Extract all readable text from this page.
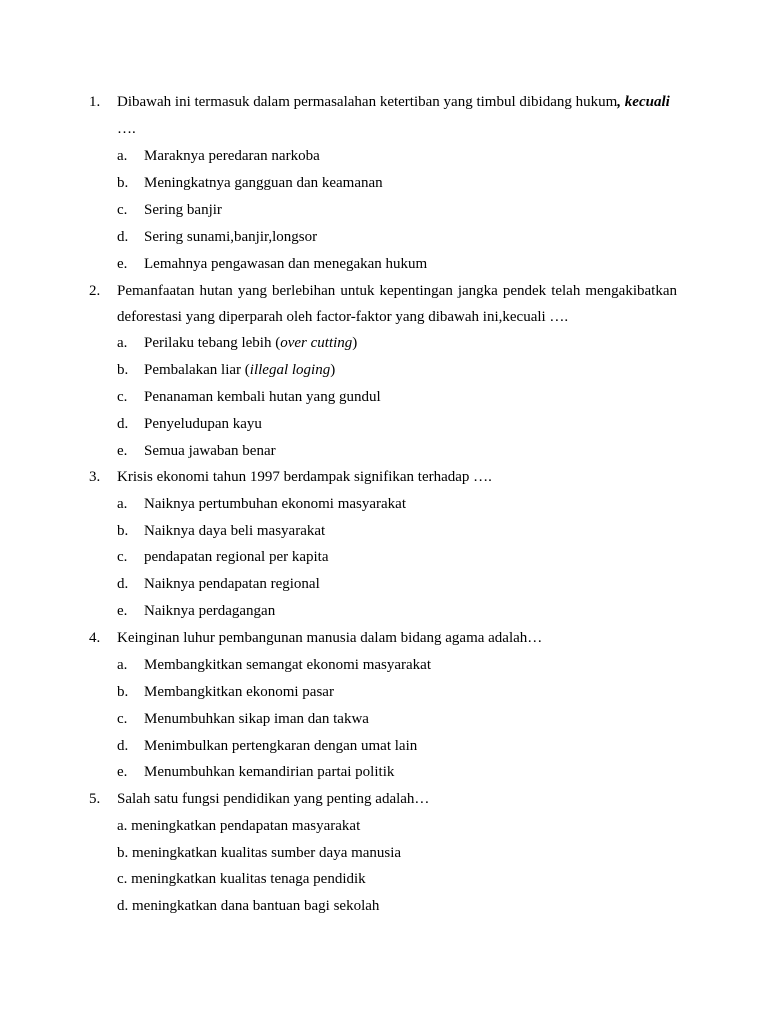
1. Dibawah ini termasuk dalam permasalahan ketertiban yang timbul dibidang hukum, kecuali
….
a. Maraknya peredaran narkoba
b. Meningkatnya gangguan dan keamanan
c. Sering banjir
d. Sering sunami,banjir,longsor
e. Lemahnya pengawasan dan menegakan hukum
2. Pemanfaatan hutan yang berlebihan untuk kepentingan jangka pendek telah mengakibatkan
deforestasi yang diperparah oleh factor-faktor yang dibawah ini,kecuali ….
a. Perilaku tebang lebih (over cutting)
b. Pembalakan liar (illegal loging)
c. Penanaman kembali hutan yang gundul
d. Penyeludupan kayu
e. Semua jawaban benar
3. Krisis ekonomi tahun 1997 berdampak signifikan terhadap ….
a. Naiknya pertumbuhan ekonomi masyarakat
b. Naiknya daya beli masyarakat
c. pendapatan regional per kapita
d. Naiknya pendapatan regional
e. Naiknya perdagangan
4. Keinginan luhur pembangunan manusia dalam bidang agama adalah…
a. Membangkitkan semangat ekonomi masyarakat
b. Membangkitkan ekonomi pasar
c. Menumbuhkan sikap iman dan takwa
d. Menimbulkan pertengkaran dengan umat lain
e. Menumbuhkan kemandirian partai politik
5. Salah satu fungsi pendidikan yang penting adalah…
a. meningkatkan pendapatan masyarakat
b. meningkatkan kualitas sumber daya manusia
c. meningkatkan kualitas tenaga pendidik
d. meningkatkan dana bantuan bagi sekolah
